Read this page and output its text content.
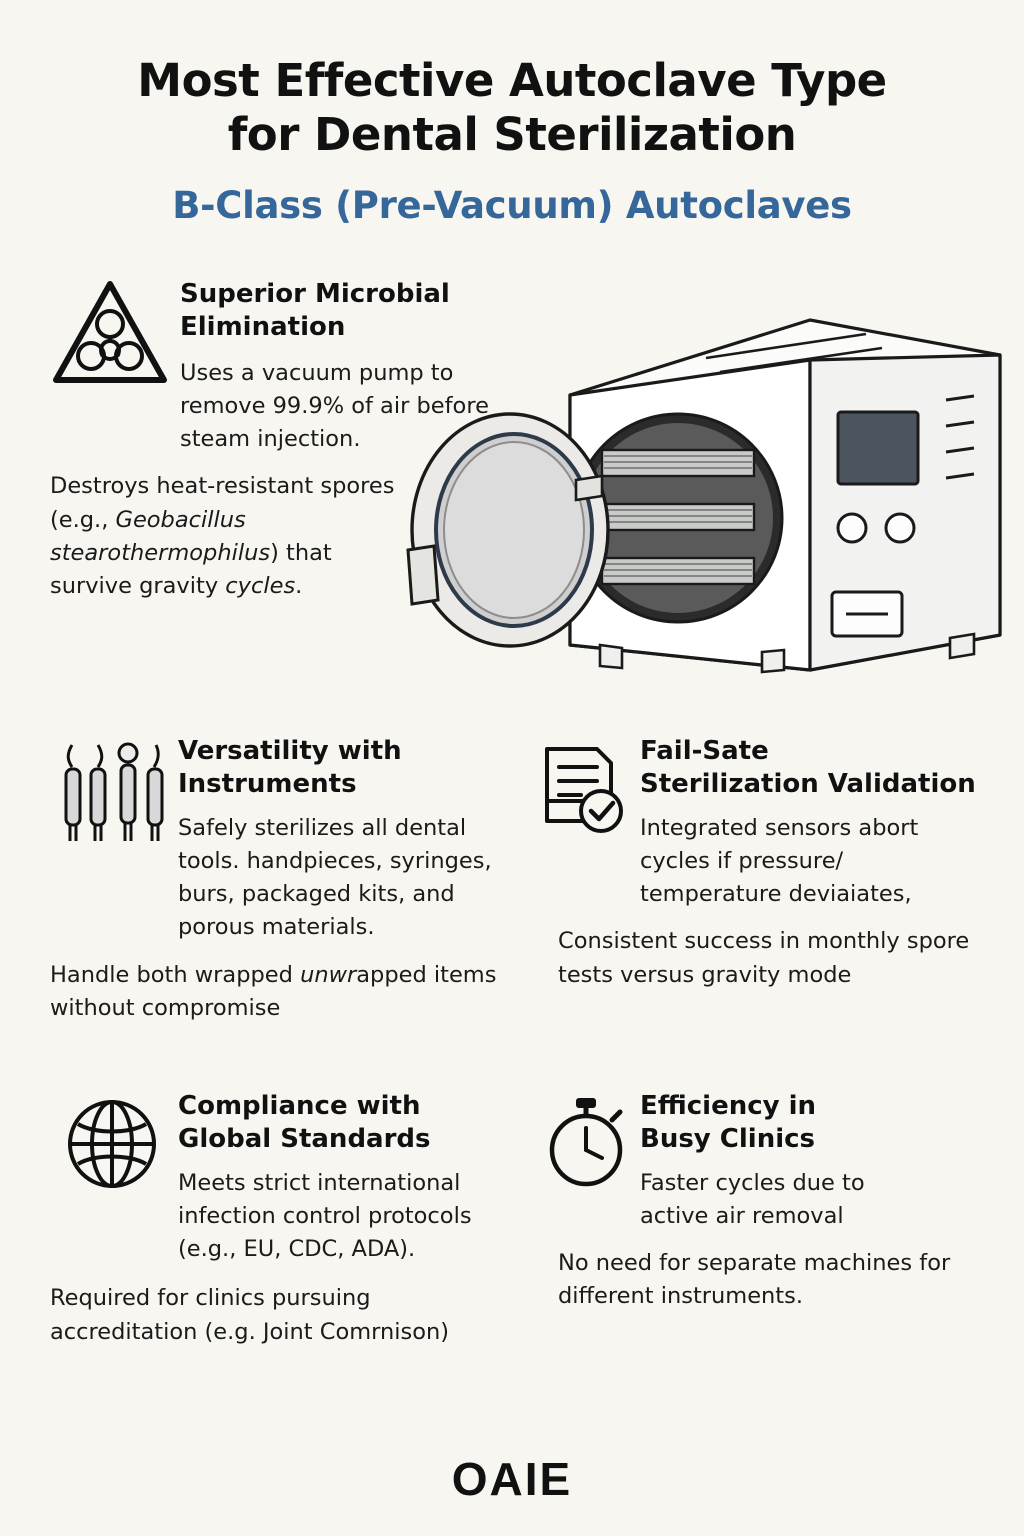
Most Effective Autoclave Type
for Dental Sterilization
B-Class (Pre-Vacuum) Autoclaves
Superior Microbial
Elimination
Uses a vacuum pump to remove 99.9% of air before steam injection.
Destroys heat-resistant spores (e.g., Geobacillus stearothermophilus) that survive gravity cycles.
Versatility with
Instruments
Safely sterilizes all dental tools. handpieces, syringes, burs, packaged kits, and porous materials.
Handle both wrapped unwrapped items without compromise
Fail-Sate
Sterilization Validation
Integrated sensors abort cycles if pressure/ temperature deviaiates,
Consistent success in monthly spore tests versus gravity mode
Compliance with
Global Standards
Meets strict international infection control protocols (e.g., EU, CDC, ADA).
Required for clinics pursuing accreditation (e.g. Joint Comrnison)
Efficiency in
Busy Clinics
Faster cycles due to active air removal
No need for separate machines for different instruments.
OAIE
